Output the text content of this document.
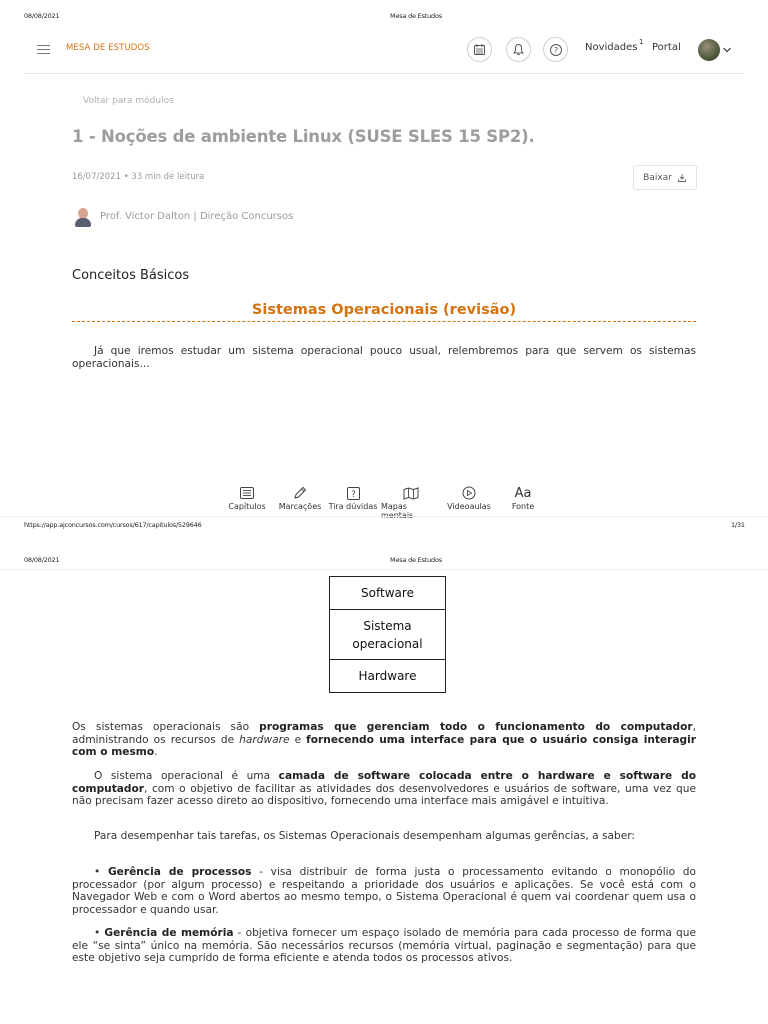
08/08/2021	Mesa de Estudos
MESA DE ESTUDOS	?	Novidades 1 Portal
Voltar para módulos
1 - Noções de ambiente Linux (SUSE SLES 15 SP2).
16/07/2021 • 33 min de leitura	Baixar
Prof. Victor Dalton | Direção Concursos
Conceitos Básicos
Sistemas Operacionais (revisão)
Já que iremos estudar um sistema operacional pouco usual, relembremos para que servem os sistemas operacionais...
Capítulos Marcações
?
Tira dúvidas Mapas	Videoaulas
Aa
Fonte
https://app.ajconcursos.com/cursos/617/capitulos/529646	1/31
08/08/2021	Mesa de Estudos
Software
Sistema operacional
Hardware
Os sistemas operacionais são programas que gerenciam todo o funcionamento do computador, administrando os recursos de hardware e fornecendo uma interface para que o usuário consiga interagir com o mesmo.
O sistema operacional é uma camada de software colocada entre o hardware e software do computador, com o objetivo de facilitar as atividades dos desenvolvedores e usuários de software, uma vez que não precisam fazer acesso direto ao dispositivo, fornecendo uma interface mais amigável e intuitiva.
Para desempenhar tais tarefas, os Sistemas Operacionais desempenham algumas gerências, a saber:
• Gerência de processos - visa distribuir de forma justa o processamento evitando o monopólio do processador (por algum processo) e respeitando a prioridade dos usuários e aplicações. Se você está com o Navegador Web e com o Word abertos ao mesmo tempo, o Sistema Operacional é quem vai coordenar quem usa o processador e quando usar.
• Gerência de memória - objetiva fornecer um espaço isolado de memória para cada processo de forma que ele “se sinta” único na memória. São necessários recursos (memória virtual, paginação e segmentação) para que este objetivo seja cumprido de forma eficiente e atenda todos os processos ativos.
